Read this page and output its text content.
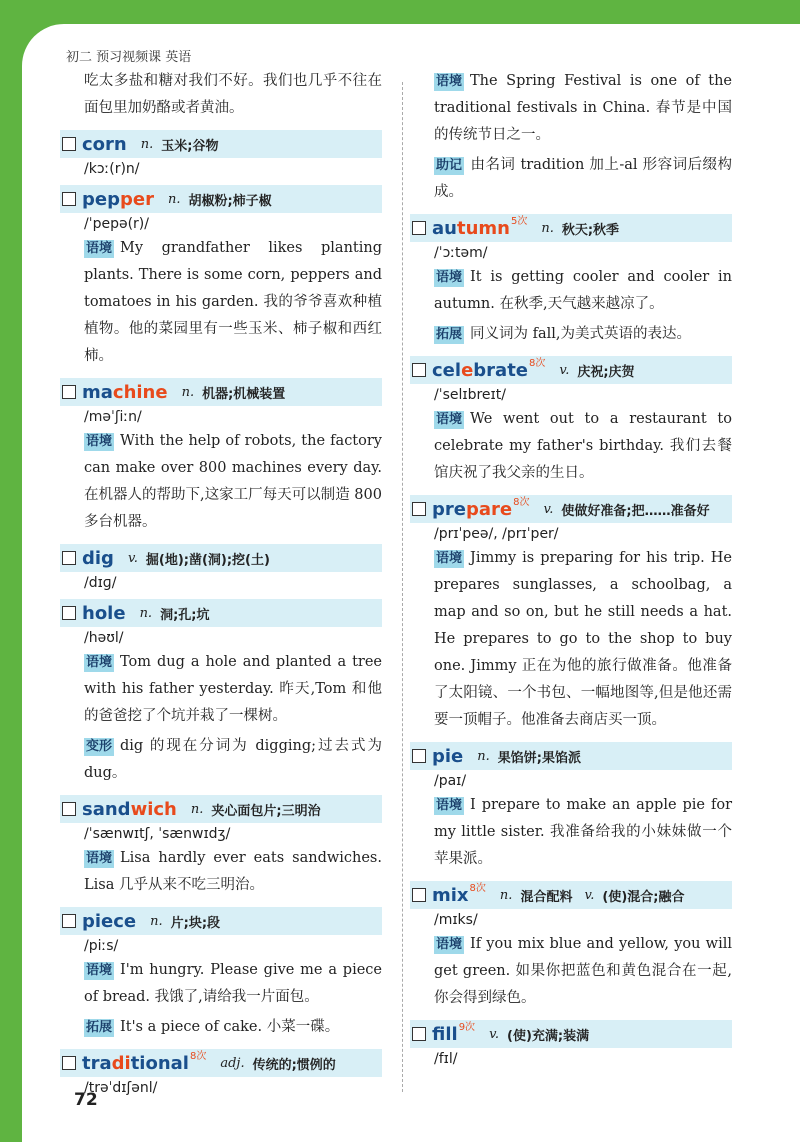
初二 预习视频课 英语
吃太多盐和糖对我们不好。我们也几乎不往在面包里加奶酪或者黄油。
corn n. 玉米;谷物
/kɔː(r)n/
pepper n. 胡椒粉;柿子椒
/ˈpepə(r)/
语境 My grandfather likes planting plants. There is some corn, peppers and tomatoes in his garden. 我的爷爷喜欢种植植物。他的菜园里有一些玉米、柿子椒和西红柿。
machine n. 机器;机械装置
/məˈʃiːn/
语境 With the help of robots, the factory can make over 800 machines every day. 在机器人的帮助下,这家工厂每天可以制造 800 多台机器。
dig v. 掘(地);凿(洞);挖(土)
/dɪɡ/
hole n. 洞;孔;坑
/həʊl/
语境 Tom dug a hole and planted a tree with his father yesterday. 昨天,Tom 和他的爸爸挖了个坑并栽了一棵树。
变形 dig 的现在分词为 digging;过去式为 dug。
sandwich n. 夹心面包片;三明治
/ˈsænwɪtʃ, ˈsænwɪdʒ/
语境 Lisa hardly ever eats sandwiches. Lisa 几乎从来不吃三明治。
piece n. 片;块;段
/piːs/
语境 I'm hungry. Please give me a piece of bread. 我饿了,请给我一片面包。
拓展 It's a piece of cake. 小菜一碟。
traditional 8次 adj. 传统的;惯例的
/trəˈdɪʃənl/
语境 The Spring Festival is one of the traditional festivals in China. 春节是中国的传统节日之一。
助记 由名词 tradition 加上-al 形容词后缀构成。
autumn 5次 n. 秋天;秋季
/ˈɔːtəm/
语境 It is getting cooler and cooler in autumn. 在秋季,天气越来越凉了。
拓展 同义词为 fall,为美式英语的表达。
celebrate 8次 v. 庆祝;庆贺
/ˈselɪbreɪt/
语境 We went out to a restaurant to celebrate my father's birthday. 我们去餐馆庆祝了我父亲的生日。
prepare 8次 v. 使做好准备;把……准备好
/prɪˈpeə/, /prɪˈper/
语境 Jimmy is preparing for his trip. He prepares sunglasses, a schoolbag, a map and so on, but he still needs a hat. He prepares to go to the shop to buy one. Jimmy 正在为他的旅行做准备。他准备了太阳镜、一个书包、一幅地图等,但是他还需要一顶帽子。他准备去商店买一顶。
pie n. 果馅饼;果馅派
/paɪ/
语境 I prepare to make an apple pie for my little sister. 我准备给我的小妹妹做一个苹果派。
mix 8次 n. 混合配料 v. (使)混合;融合
/mɪks/
语境 If you mix blue and yellow, you will get green. 如果你把蓝色和黄色混合在一起,你会得到绿色。
fill 9次 v. (使)充满;装满
/fɪl/
72
